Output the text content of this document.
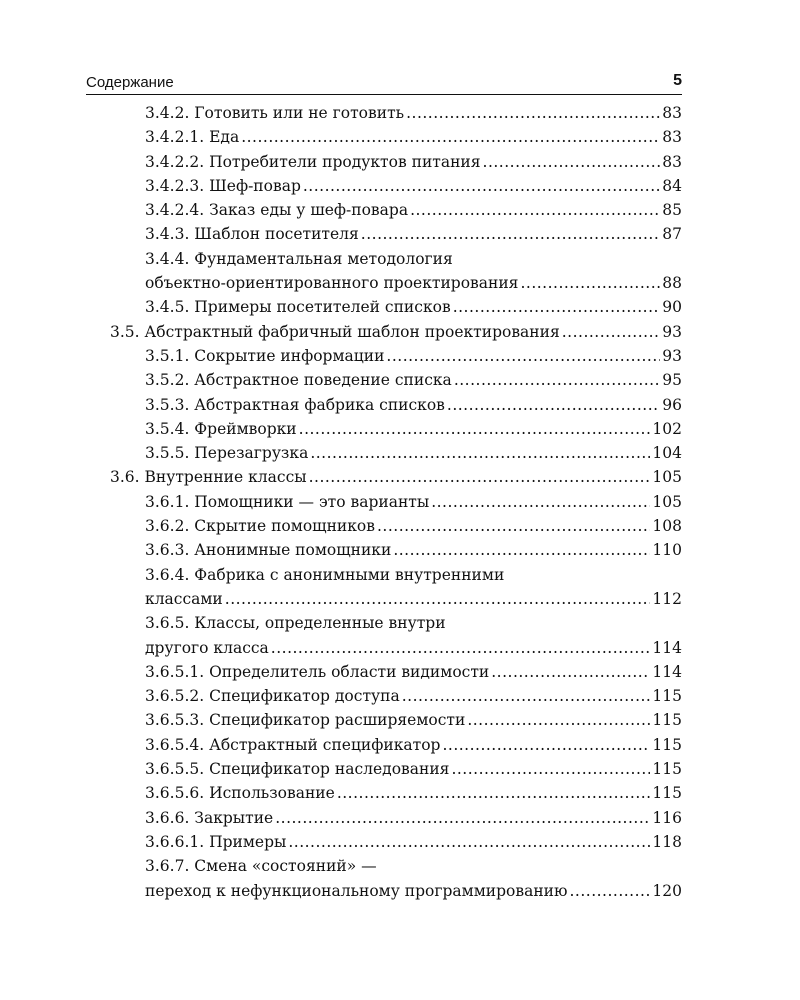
Содержание	5
3.4.2. Готовить или не готовить .....	83
3.4.2.1. Еда .....	83
3.4.2.2. Потребители продуктов питания .....	83
3.4.2.3. Шеф-повар .....	84
3.4.2.4. Заказ еды у шеф-повара .....	85
3.4.3. Шаблон посетителя .....	87
3.4.4. Фундаментальная методология
объектно-ориентированного проектирования .....	88
3.4.5. Примеры посетителей списков .....	90
3.5. Абстрактный фабричный шаблон проектирования .....	93
3.5.1. Сокрытие информации .....	93
3.5.2. Абстрактное поведение списка .....	95
3.5.3. Абстрактная фабрика списков .....	96
3.5.4. Фреймворки .....	102
3.5.5. Перезагрузка .....	104
3.6. Внутренние классы .....	105
3.6.1. Помощники — это варианты .....	105
3.6.2. Скрытие помощников .....	108
3.6.3. Анонимные помощники .....	110
3.6.4. Фабрика с анонимными внутренними
классами .....	112
3.6.5. Классы, определенные внутри
другого класса .....	114
3.6.5.1. Определитель области видимости .....	114
3.6.5.2. Спецификатор доступа .....	115
3.6.5.3. Спецификатор расширяемости .....	115
3.6.5.4. Абстрактный спецификатор .....	115
3.6.5.5. Спецификатор наследования .....	115
3.6.5.6. Использование .....	115
3.6.6. Закрытие .....	116
3.6.6.1. Примеры .....	118
3.6.7. Смена «состояний» —
переход к нефункциональному программированию .....	120
